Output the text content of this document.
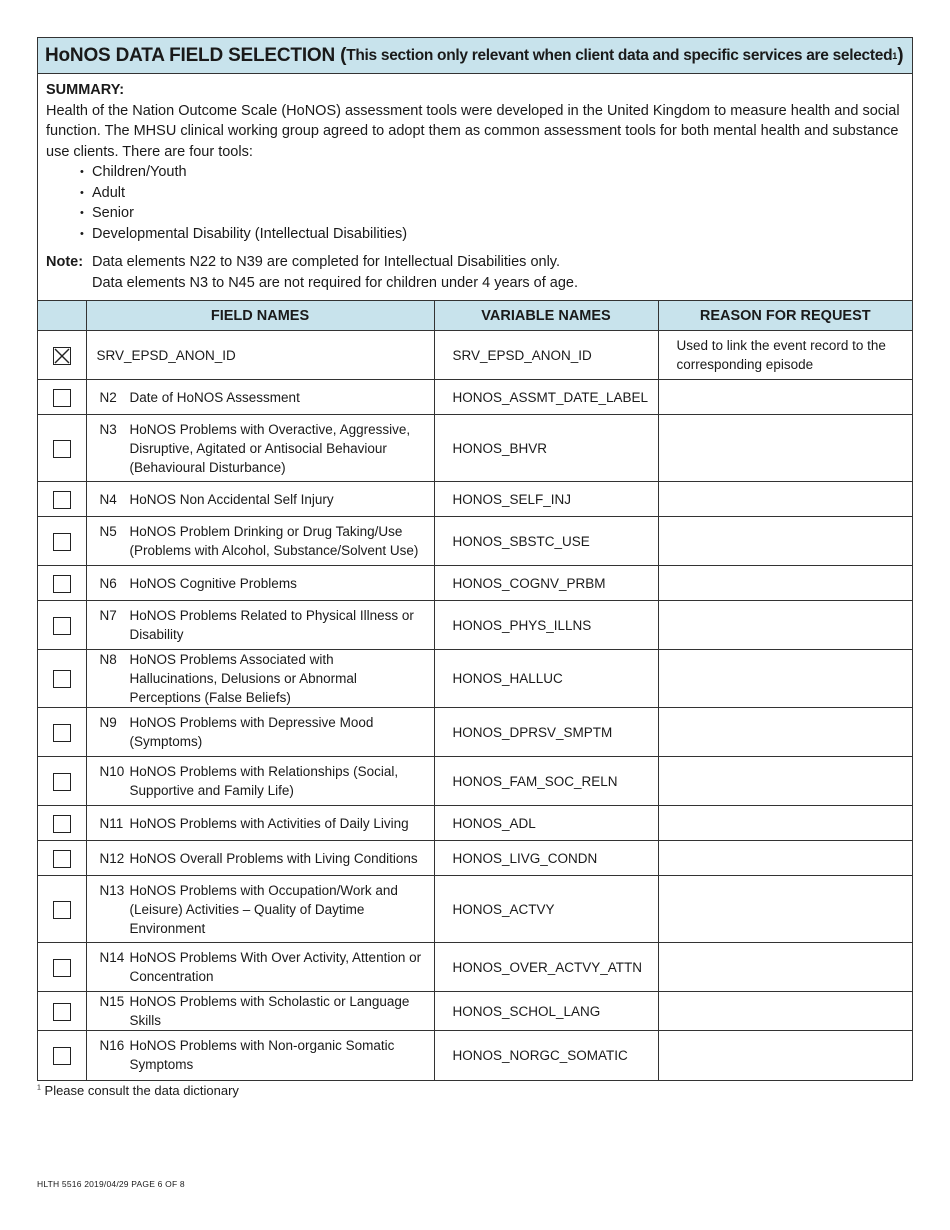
HoNOS DATA FIELD SELECTION ( This section only relevant when client data and specific services are selected 1 )
SUMMARY:
Health of the Nation Outcome Scale (HoNOS) assessment tools were developed in the United Kingdom to measure health and social function. The MHSU clinical working group agreed to adopt them as common assessment tools for both mental health and substance use clients. There are four tools:
• Children/Youth
• Adult
• Senior
• Developmental Disability (Intellectual Disabilities)
Note: Data elements N22 to N39 are completed for Intellectual Disabilities only.
Data elements N3 to N45 are not required for children under 4 years of age.
	FIELD NAMES	VARIABLE NAMES	REASON FOR REQUEST

	SRV_EPSD_ANON_ID	SRV_EPSD_ANON_ID	Used to link the event record to the corresponding episode

	N2 Date of HoNOS Assessment	HONOS_ASSMT_DATE_LABEL	

	N3 HoNOS Problems with Overactive, Aggressive, Disruptive, Agitated or Antisocial Behaviour (Behavioural Disturbance)	HONOS_BHVR	

	N4 HoNOS Non Accidental Self Injury	HONOS_SELF_INJ	

	N5 HoNOS Problem Drinking or Drug Taking/Use (Problems with Alcohol, Substance/Solvent Use)	HONOS_SBSTC_USE	

	N6 HoNOS Cognitive Problems	HONOS_COGNV_PRBM	

	N7 HoNOS Problems Related to Physical Illness or Disability	HONOS_PHYS_ILLNS	

	N8 HoNOS Problems Associated with Hallucinations, Delusions or Abnormal Perceptions (False Beliefs)	HONOS_HALLUC	

	N9 HoNOS Problems with Depressive Mood (Symptoms)	HONOS_DPRSV_SMPTM	

	N10 HoNOS Problems with Relationships (Social, Supportive and Family Life)	HONOS_FAM_SOC_RELN	

	N11 HoNOS Problems with Activities of Daily Living	HONOS_ADL	

	N12 HoNOS Overall Problems with Living Conditions	HONOS_LIVG_CONDN	

	N13 HoNOS Problems with Occupation/Work and (Leisure) Activities – Quality of Daytime Environment	HONOS_ACTVY	

	N14 HoNOS Problems With Over Activity, Attention or Concentration	HONOS_OVER_ACTVY_ATTN	

	N15 HoNOS Problems with Scholastic or Language Skills	HONOS_SCHOL_LANG	

	N16 HoNOS Problems with Non-organic Somatic Symptoms	HONOS_NORGC_SOMATIC	
$^1$ Please consult the data dictionary
HLTH 5516 2019/04/29 PAGE 6 OF 8
